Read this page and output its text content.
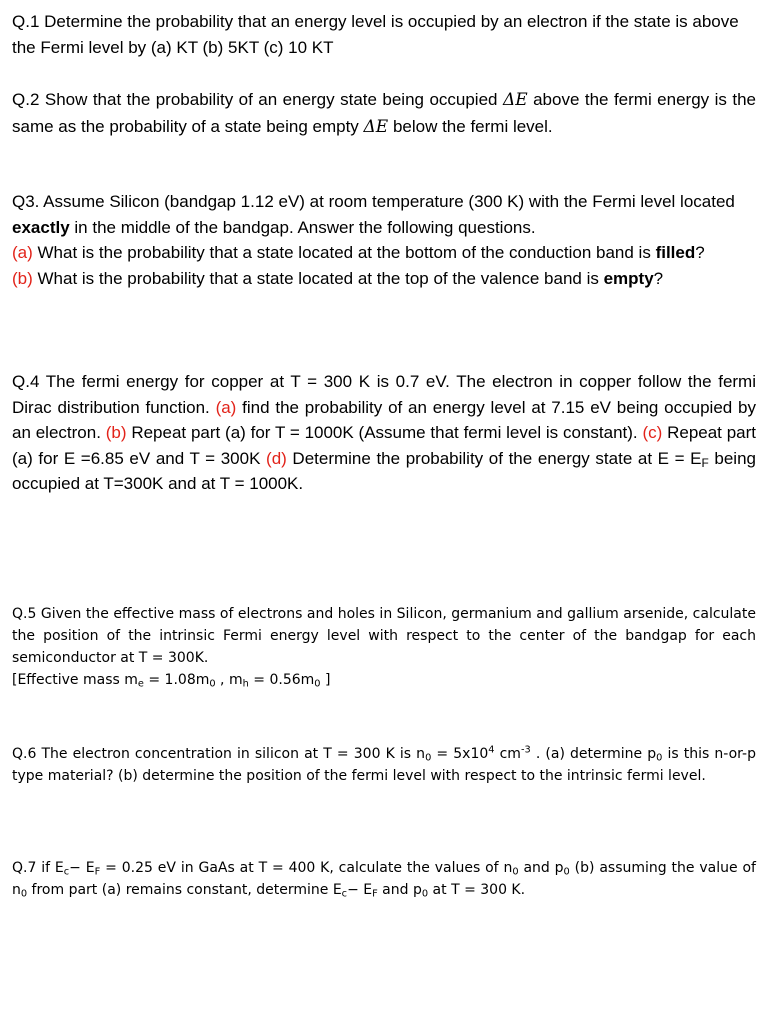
Q.1 Determine the probability that an energy level is occupied by an electron if the state is above the Fermi level by (a) KT (b) 5KT (c) 10 KT
Q.2 Show that the probability of an energy state being occupied ΔE above the fermi energy is the same as the probability of a state being empty ΔE below the fermi level.
Q3. Assume Silicon (bandgap 1.12 eV) at room temperature (300 K) with the Fermi level located exactly in the middle of the bandgap. Answer the following questions.
(a) What is the probability that a state located at the bottom of the conduction band is filled?
(b) What is the probability that a state located at the top of the valence band is empty?
Q.4 The fermi energy for copper at T = 300 K is 0.7 eV. The electron in copper follow the fermi Dirac distribution function. (a) find the probability of an energy level at 7.15 eV being occupied by an electron. (b) Repeat part (a) for T = 1000K (Assume that fermi level is constant). (c) Repeat part (a) for E =6.85 eV and T = 300K (d) Determine the probability of the energy state at $E = E_F$ being occupied at T=300K and at T = 1000K.
Q.5 Given the effective mass of electrons and holes in Silicon, germanium and gallium arsenide, calculate the position of the intrinsic Fermi energy level with respect to the center of the bandgap for each semiconductor at T = 300K.
[Effective mass $m_e = 1.08m_0$ , $m_h = 0.56m_0$ ]
Q.6 The electron concentration in silicon at T = 300 K is $n_0 = 5x10^4$ $cm^{-3}$ . (a) determine $p_0$ is this n-or-p type material? (b) determine the position of the fermi level with respect to the intrinsic fermi level.
Q.7 if $E_c- E_F = 0.25$ eV in GaAs at T = 400 K, calculate the values of $n_0$ and $p_0$ (b) assuming the value of $n_0$ from part (a) remains constant, determine $E_c- E_F$ and $p_0$ at T = 300 K.
